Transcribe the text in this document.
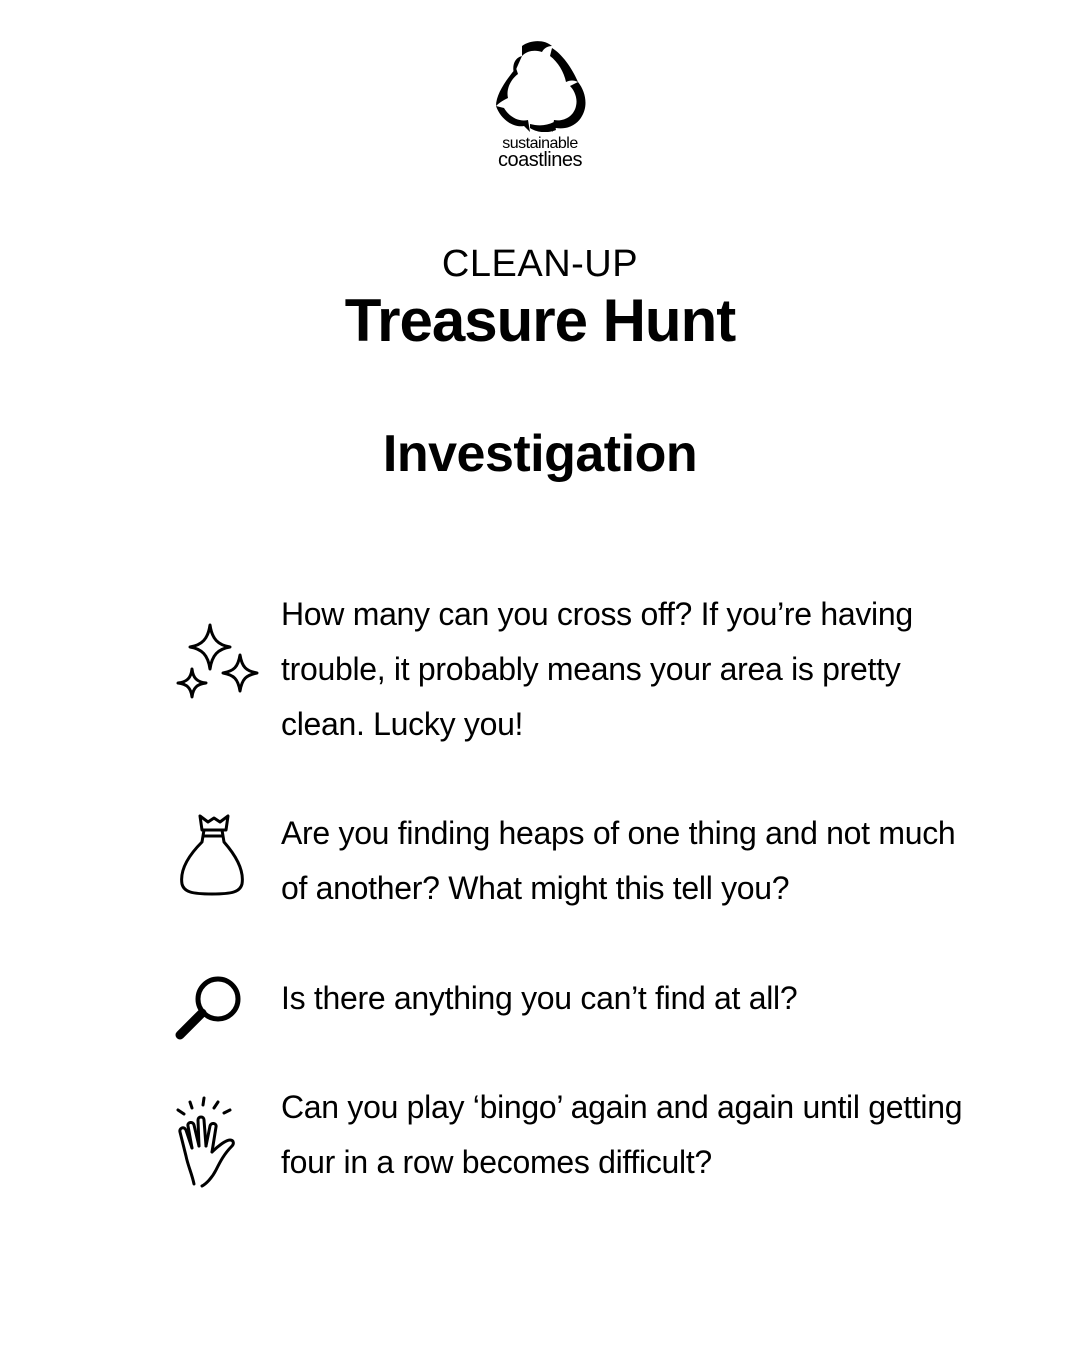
sustainable
coastlines
CLEAN-UP
Treasure Hunt
Investigation
How many can you cross off? If you’re having trouble, it probably means your area is pretty clean. Lucky you!
Are you finding heaps of one thing and not much of another? What might this tell you?
Is there anything you can’t find at all?
Can you play ‘bingo’ again and again until getting four in a row becomes difficult?
